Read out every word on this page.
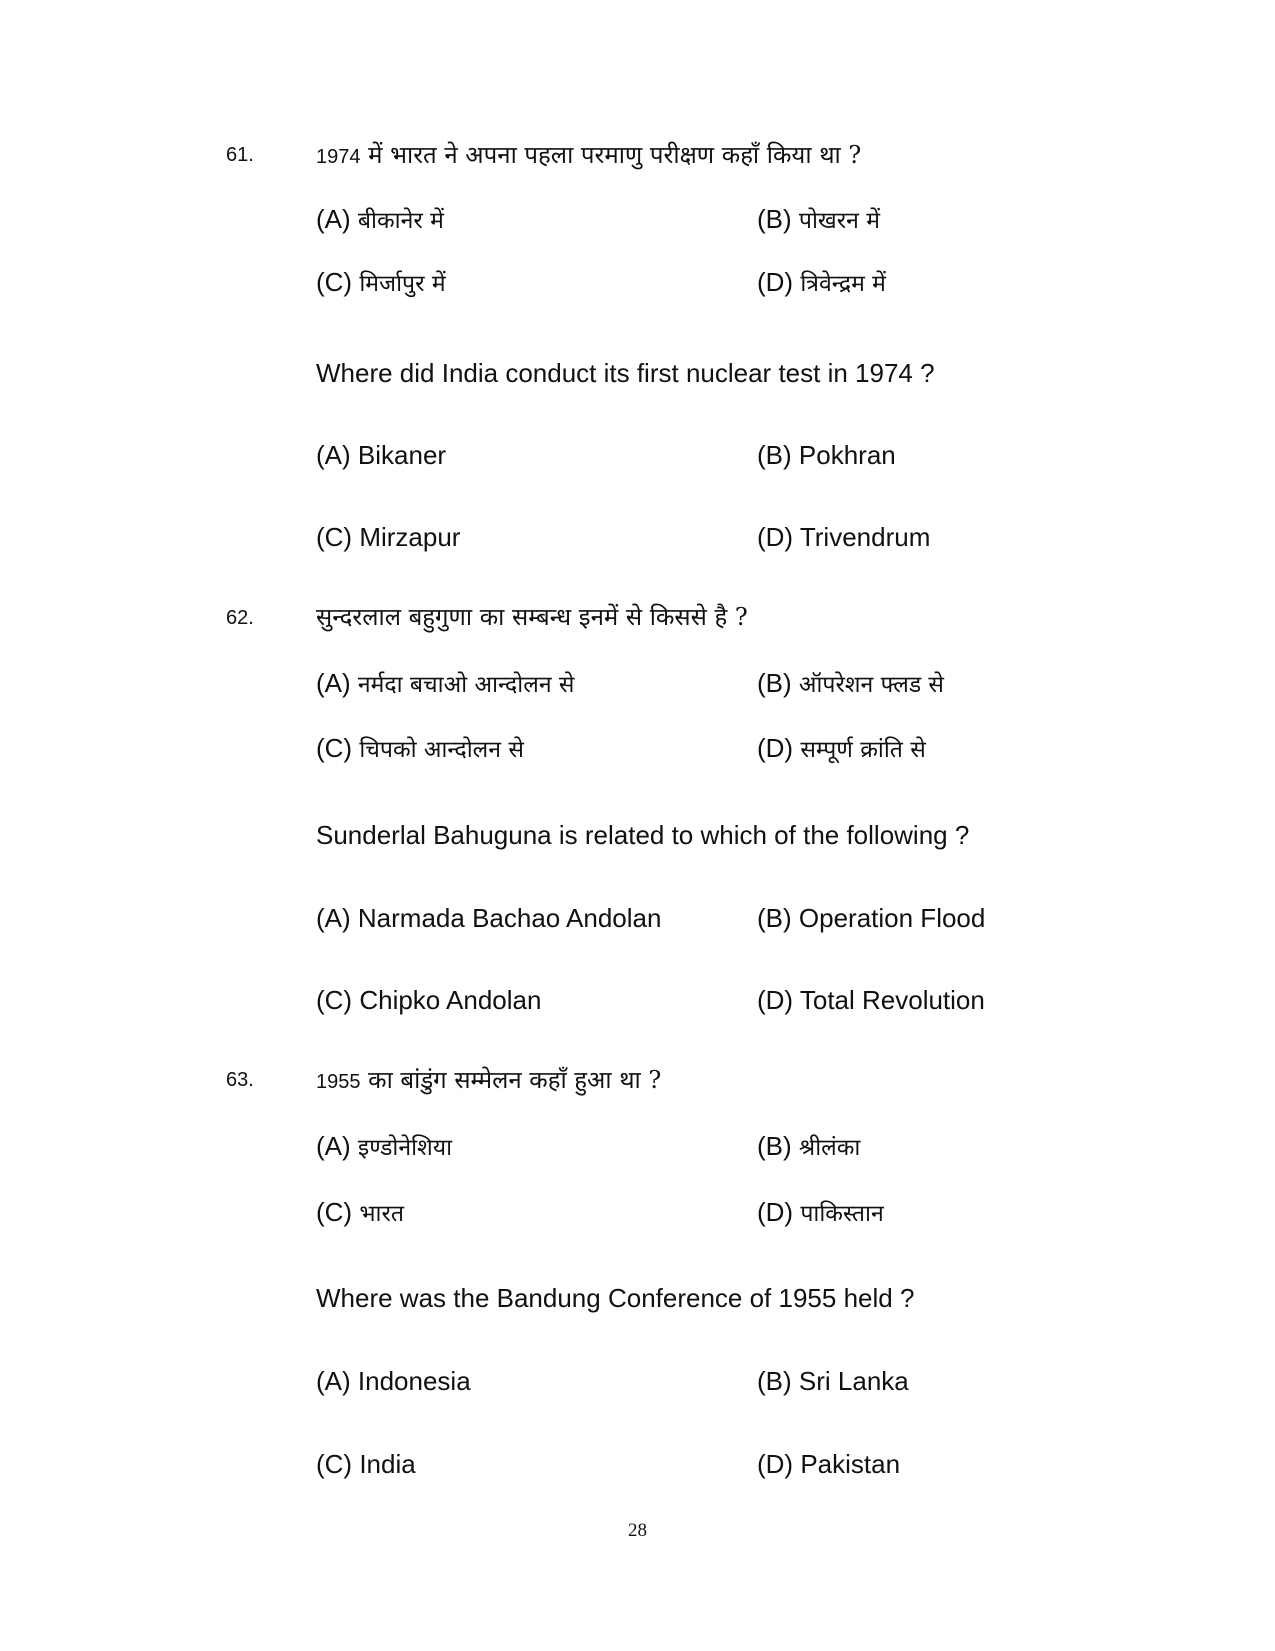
61.	1974 में भारत ने अपना पहला परमाणु परीक्षण कहाँ किया था ?
(A) बीकानेर में	(B) पोखरन में
(C) मिर्जापुर में	(D) त्रिवेन्द्रम में
Where did India conduct its first nuclear test in 1974 ?
(A) Bikaner	(B) Pokhran
(C) Mirzapur	(D) Trivendrum
62.	सुन्दरलाल बहुगुणा का सम्बन्ध इनमें से किससे है ?
(A) नर्मदा बचाओ आन्दोलन से	(B) ऑपरेशन फ्लड से
(C) चिपको आन्दोलन से	(D) सम्पूर्ण क्रांति से
Sunderlal Bahuguna is related to which of the following ?
(A) Narmada Bachao Andolan	(B) Operation Flood
(C) Chipko Andolan	(D) Total Revolution
63.	1955 का बांडुंग सम्मेलन कहाँ हुआ था ?
(A) इण्डोनेशिया	(B) श्रीलंका
(C) भारत	(D) पाकिस्तान
Where was the Bandung Conference of 1955 held ?
(A) Indonesia	(B) Sri Lanka
(C) India	(D) Pakistan
28
